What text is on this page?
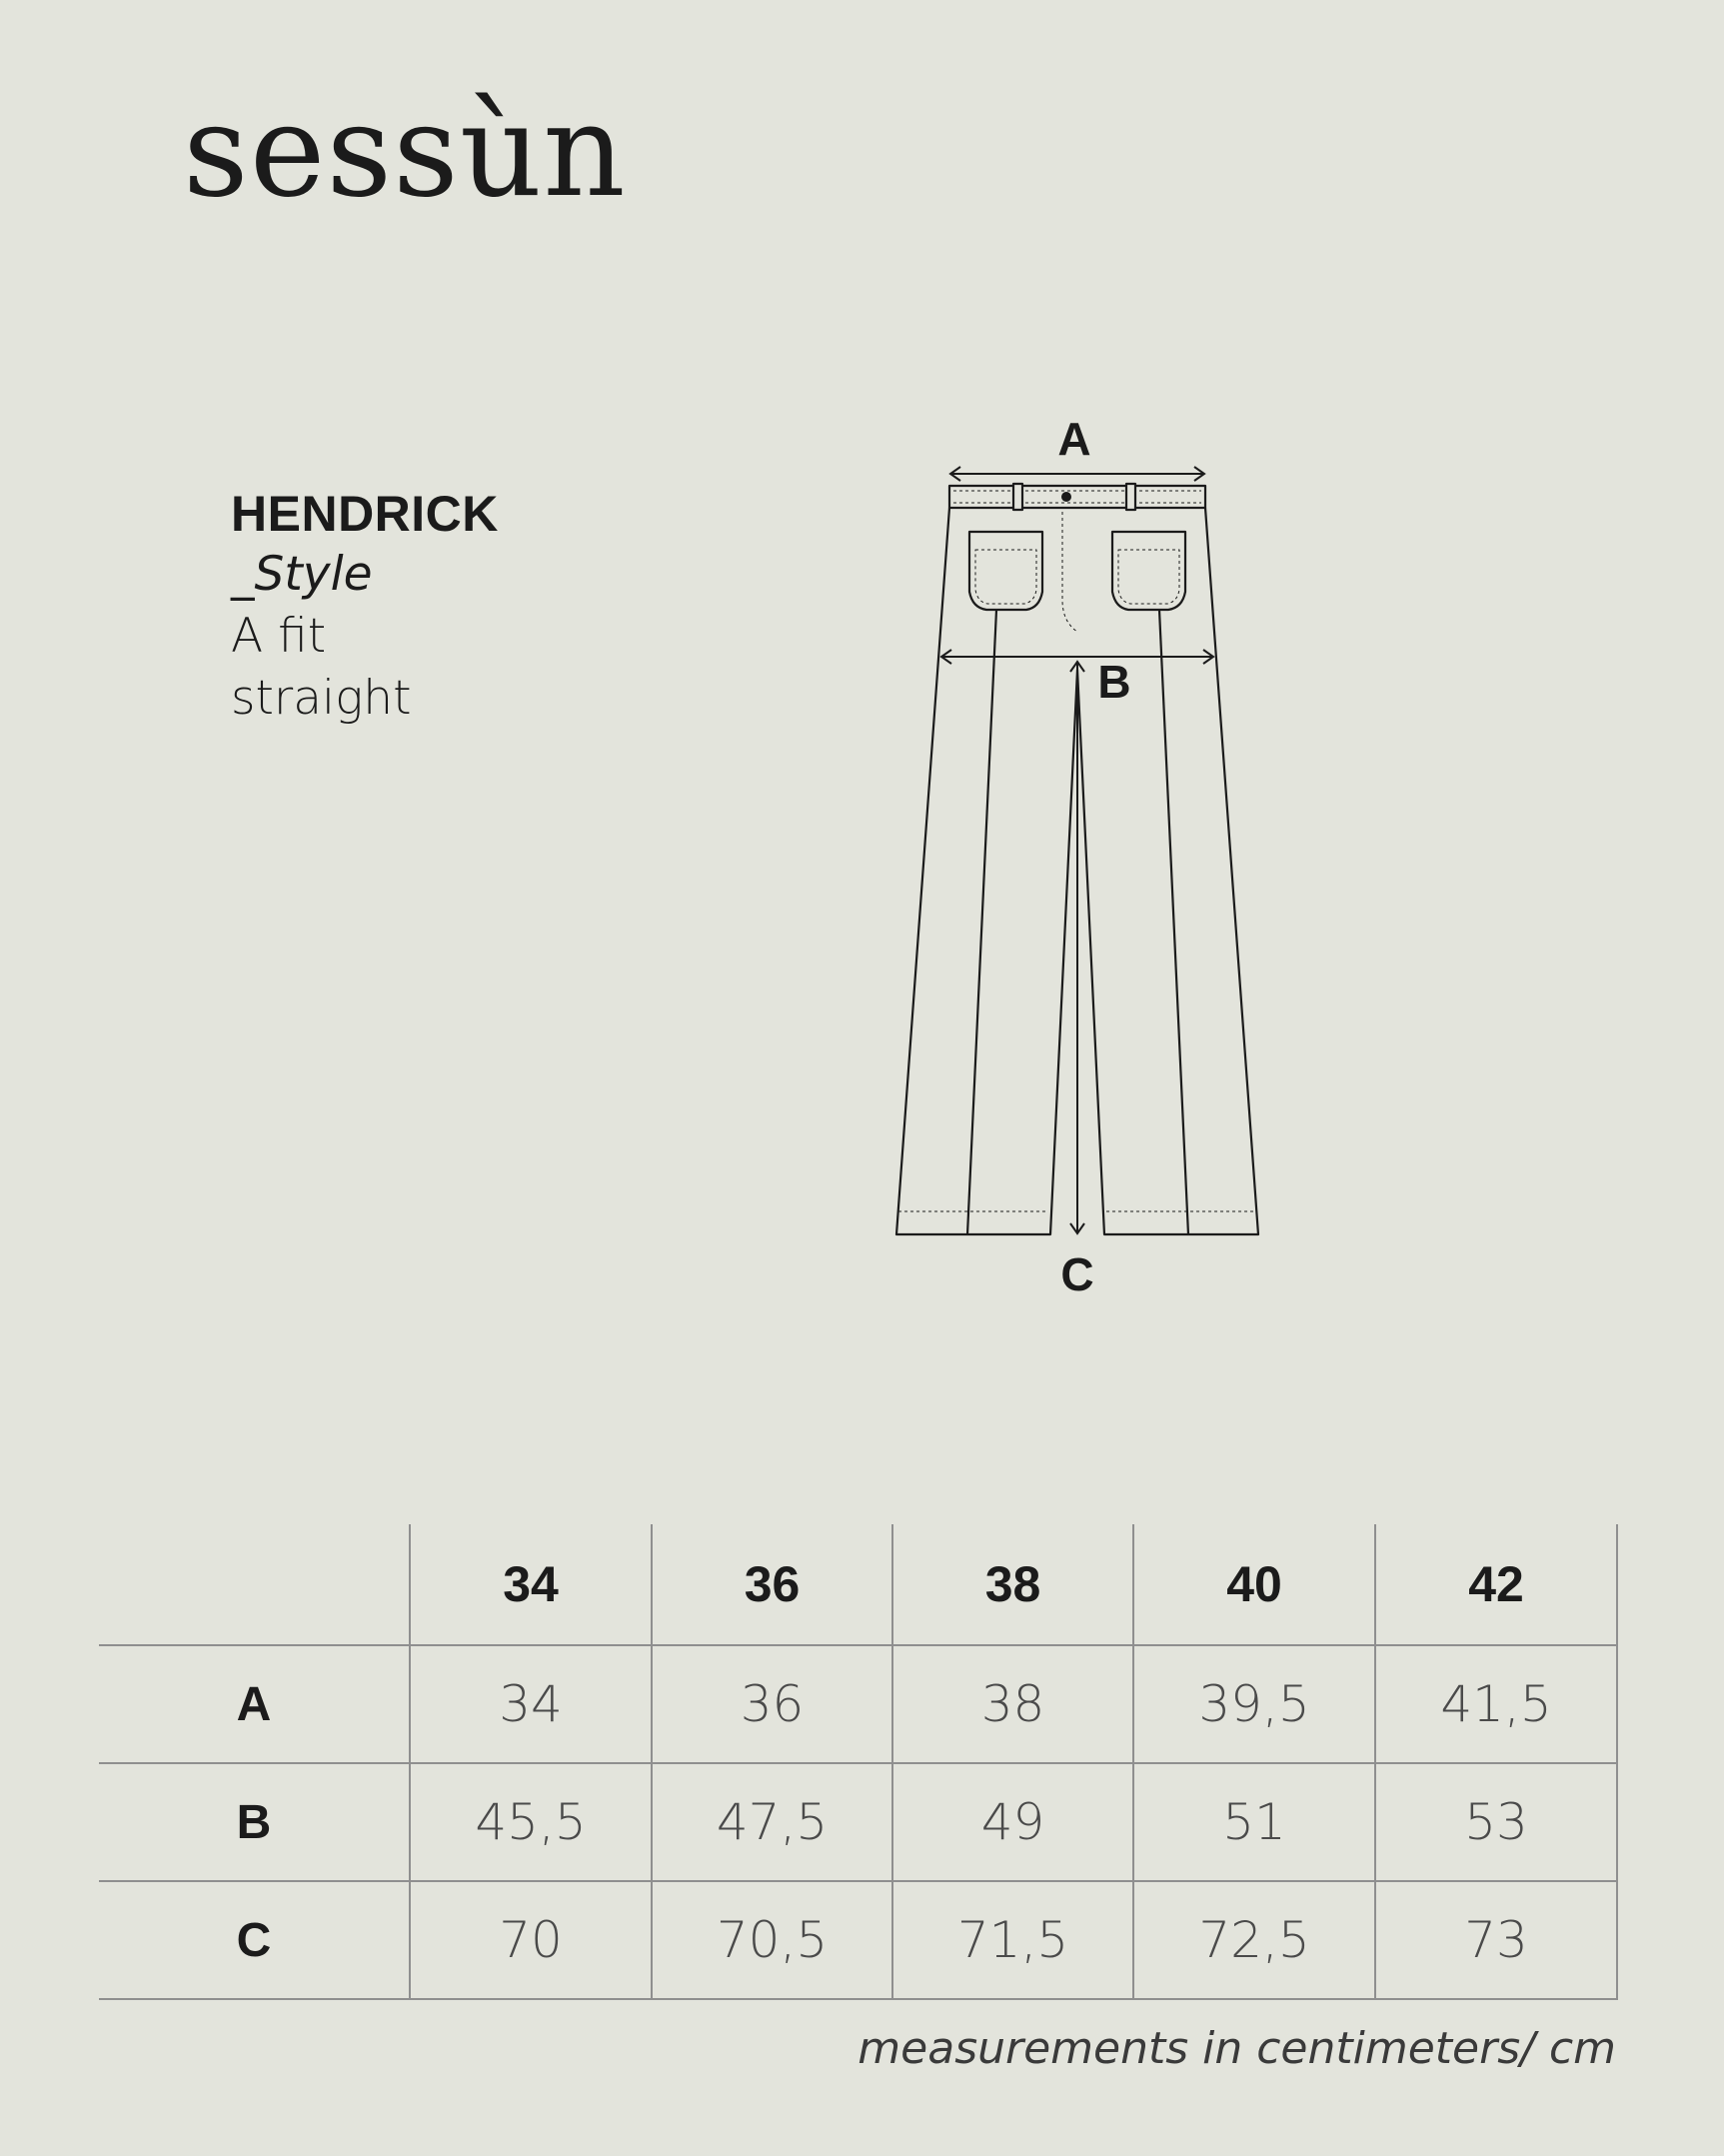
sessùn
HENDRICK
_Style
A fit
straight
A
B
C
	34	36	38	40	42
A	34	36	38	39,5	41,5
B	45,5	47,5	49	51	53
C	70	70,5	71,5	72,5	73
measurements in centimeters/ cm
